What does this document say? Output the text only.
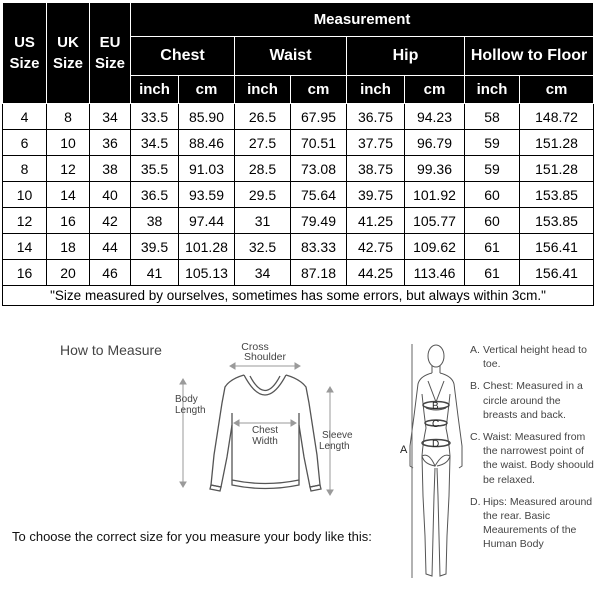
US
Size	UK
Size	EU
Size	Measurement							
			Chest		Waist		Hip		Hollow to Floor	
			inch	cm	inch	cm	inch	cm	inch	cm
4	8	34	33.5	85.90	26.5	67.95	36.75	94.23	58	148.72
6	10	36	34.5	88.46	27.5	70.51	37.75	96.79	59	151.28
8	12	38	35.5	91.03	28.5	73.08	38.75	99.36	59	151.28
10	14	40	36.5	93.59	29.5	75.64	39.75	101.92	60	153.85
12	16	42	38	97.44	31	79.49	41.25	105.77	60	153.85
14	18	44	39.5	101.28	32.5	83.33	42.75	109.62	61	156.41
16	20	46	41	105.13	34	87.18	44.25	113.46	61	156.41
"Size measured by ourselves, sometimes has some errors, but always within 3cm."										
How to Measure	Cross
Shoulder
Body
Length
Sleeve
Length
Chest
Width
To choose the correct size for you measure your body like this:
A
B
C
D
A. Vertical height head to toe.
B. Chest: Measured in a circle around the breasts and back.
C. Waist: Measured from the narrowest point of the waist. Body shoould be relaxed.
D. Hips: Measured around the rear. Basic Meaurements of the Human Body
